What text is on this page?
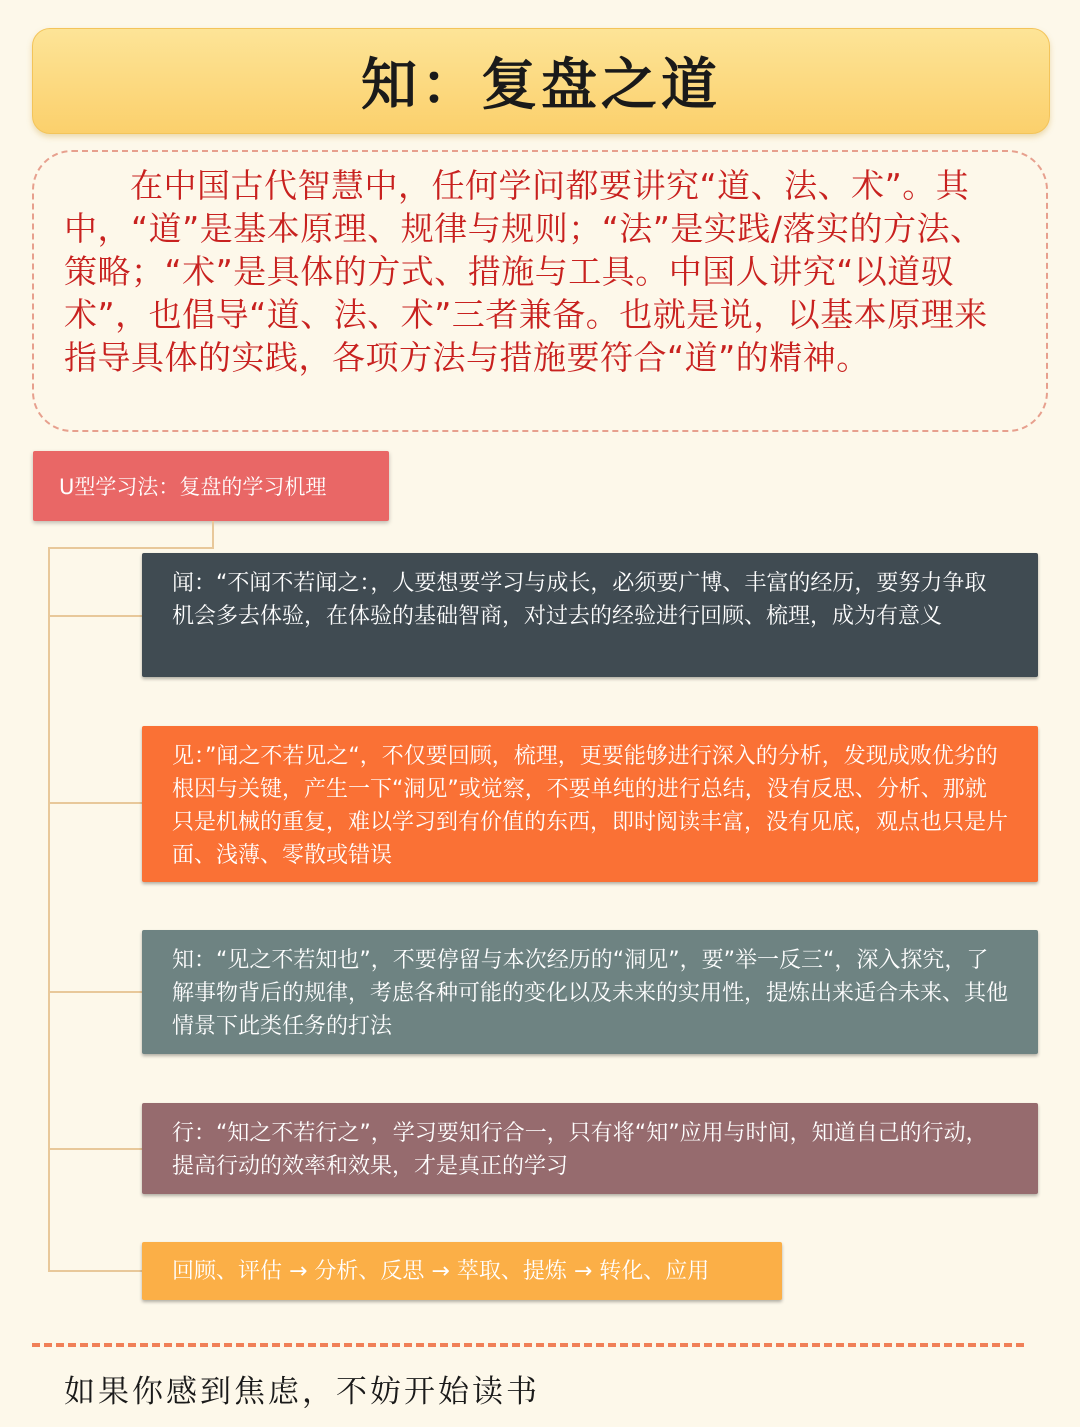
知：复盘之道

在中国古代智慧中，任何学问都要讲究“道、法、术”。其中，“道”是基本原理、规律与规则；“法”是实践/落实的方法、策略；“术”是具体的方式、措施与工具。中国人讲究“以道驭术”，也倡导“道、法、术”三者兼备。也就是说，以基本原理来指导具体的实践，各项方法与措施要符合“道”的精神。

U型学习法：复盘的学习机理

闻：“不闻不若闻之：，人要想要学习与成长，必须要广博、丰富的经历，要努力争取机会多去体验，在体验的基础智商，对过去的经验进行回顾、梳理，成为有意义

见：”闻之不若见之“，不仅要回顾，梳理，更要能够进行深入的分析，发现成败优劣的根因与关键，产生一下“洞见”或觉察，不要单纯的进行总结，没有反思、分析、那就只是机械的重复，难以学习到有价值的东西，即时阅读丰富，没有见底，观点也只是片面、浅薄、零散或错误

知：“见之不若知也”，不要停留与本次经历的“洞见”，要”举一反三“，深入探究，了解事物背后的规律，考虑各种可能的变化以及未来的实用性，提炼出来适合未来、其他情景下此类任务的打法

行：“知之不若行之”，学习要知行合一，只有将“知”应用与时间，知道自己的行动，提高行动的效率和效果，才是真正的学习

回顾、评估 → 分析、反思 → 萃取、提炼 → 转化、应用

如果你感到焦虑，不妨开始读书
